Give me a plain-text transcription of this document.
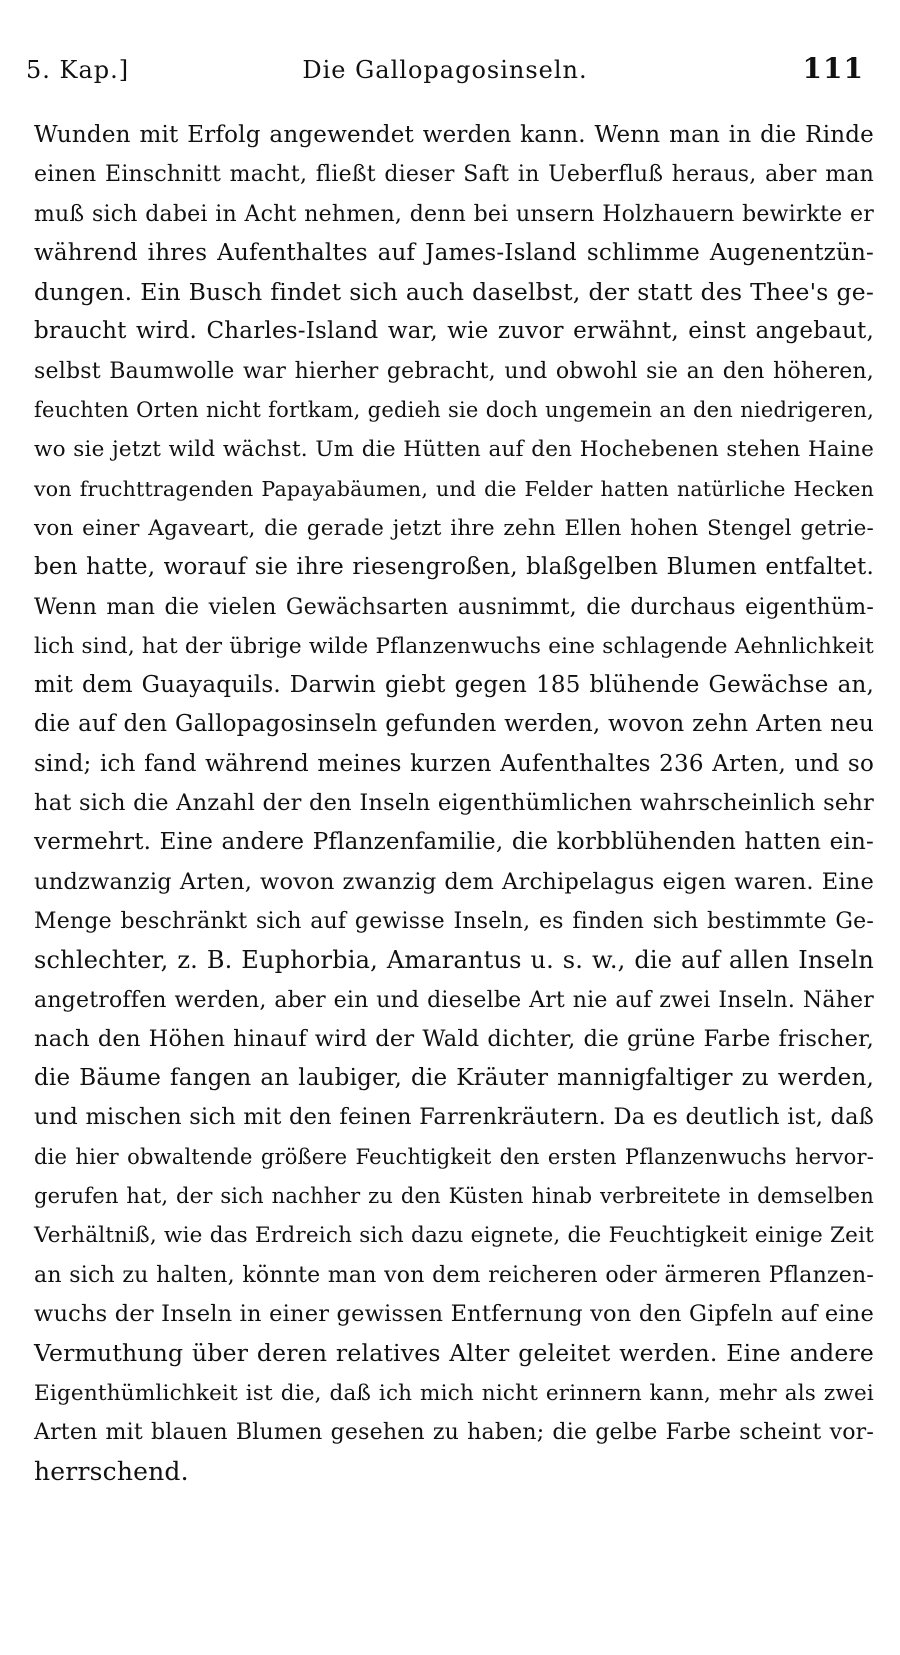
5. Kap.]	Die Gallopagosinseln.	111
Wunden mit Erfolg angewendet werden kann. Wenn man in die Rinde
einen Einschnitt macht, fließt dieser Saft in Ueberfluß heraus, aber man
muß sich dabei in Acht nehmen, denn bei unsern Holzhauern bewirkte er
während ihres Aufenthaltes auf James-Island schlimme Augenentzün-
dungen. Ein Busch findet sich auch daselbst, der statt des Thee's ge-
braucht wird. Charles-Island war, wie zuvor erwähnt, einst angebaut,
selbst Baumwolle war hierher gebracht, und obwohl sie an den höheren,
feuchten Orten nicht fortkam, gedieh sie doch ungemein an den niedrigeren,
wo sie jetzt wild wächst. Um die Hütten auf den Hochebenen stehen Haine
von fruchttragenden Papayabäumen, und die Felder hatten natürliche Hecken
von einer Agaveart, die gerade jetzt ihre zehn Ellen hohen Stengel getrie-
ben hatte, worauf sie ihre riesengroßen, blaßgelben Blumen entfaltet.
Wenn man die vielen Gewächsarten ausnimmt, die durchaus eigenthüm-
lich sind, hat der übrige wilde Pflanzenwuchs eine schlagende Aehnlichkeit
mit dem Guayaquils. Darwin giebt gegen 185 blühende Gewächse an,
die auf den Gallopagosinseln gefunden werden, wovon zehn Arten neu
sind; ich fand während meines kurzen Aufenthaltes 236 Arten, und so
hat sich die Anzahl der den Inseln eigenthümlichen wahrscheinlich sehr
vermehrt. Eine andere Pflanzenfamilie, die korbblühenden hatten ein-
undzwanzig Arten, wovon zwanzig dem Archipelagus eigen waren. Eine
Menge beschränkt sich auf gewisse Inseln, es finden sich bestimmte Ge-
schlechter, z. B. Euphorbia, Amarantus u. s. w., die auf allen Inseln
angetroffen werden, aber ein und dieselbe Art nie auf zwei Inseln. Näher
nach den Höhen hinauf wird der Wald dichter, die grüne Farbe frischer,
die Bäume fangen an laubiger, die Kräuter mannigfaltiger zu werden,
und mischen sich mit den feinen Farrenkräutern. Da es deutlich ist, daß
die hier obwaltende größere Feuchtigkeit den ersten Pflanzenwuchs hervor-
gerufen hat, der sich nachher zu den Küsten hinab verbreitete in demselben
Verhältniß, wie das Erdreich sich dazu eignete, die Feuchtigkeit einige Zeit
an sich zu halten, könnte man von dem reicheren oder ärmeren Pflanzen-
wuchs der Inseln in einer gewissen Entfernung von den Gipfeln auf eine
Vermuthung über deren relatives Alter geleitet werden. Eine andere
Eigenthümlichkeit ist die, daß ich mich nicht erinnern kann, mehr als zwei
Arten mit blauen Blumen gesehen zu haben; die gelbe Farbe scheint vor-
herrschend.
